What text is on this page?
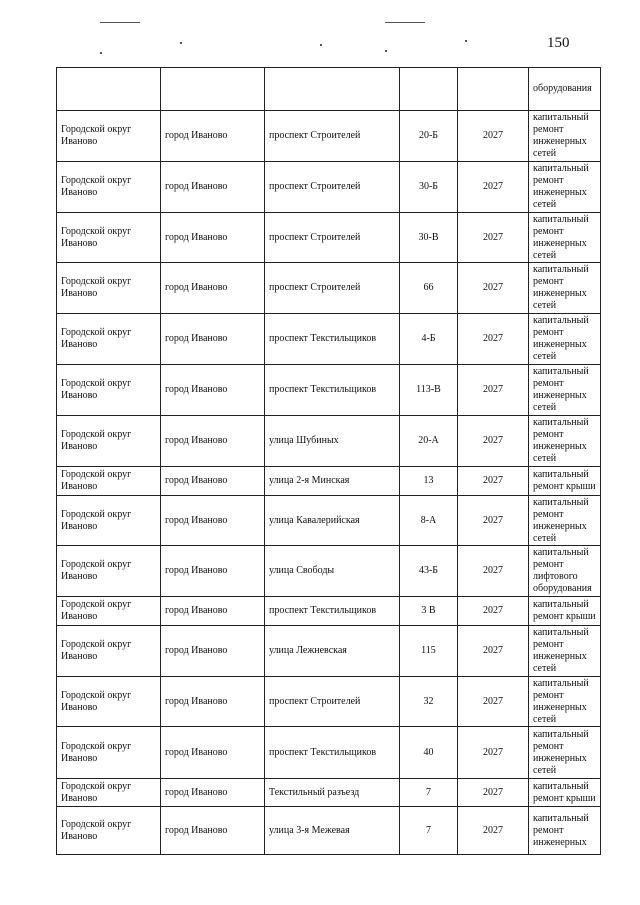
150
					оборудования
Городской округ Иваново	город Иваново	проспект Строителей	20-Б	2027	капитальный ремонт инженерных сетей
Городской округ Иваново	город Иваново	проспект Строителей	30-Б	2027	капитальный ремонт инженерных сетей
Городской округ Иваново	город Иваново	проспект Строителей	30-В	2027	капитальный ремонт инженерных сетей
Городской округ Иваново	город Иваново	проспект Строителей	66	2027	капитальный ремонт инженерных сетей
Городской округ Иваново	город Иваново	проспект Текстильщиков	4-Б	2027	капитальный ремонт инженерных сетей
Городской округ Иваново	город Иваново	проспект Текстильщиков	113-В	2027	капитальный ремонт инженерных сетей
Городской округ Иваново	город Иваново	улица Шубиных	20-А	2027	капитальный ремонт инженерных сетей
Городской округ Иваново	город Иваново	улица 2-я Минская	13	2027	капитальный ремонт крыши
Городской округ Иваново	город Иваново	улица Кавалерийская	8-А	2027	капитальный ремонт инженерных сетей
Городской округ Иваново	город Иваново	улица Свободы	43-Б	2027	капитальный ремонт лифтового оборудования
Городской округ Иваново	город Иваново	проспект Текстильщиков	3 В	2027	капитальный ремонт крыши
Городской округ Иваново	город Иваново	улица Лежневская	115	2027	капитальный ремонт инженерных сетей
Городской округ Иваново	город Иваново	проспект Строителей	32	2027	капитальный ремонт инженерных сетей
Городской округ Иваново	город Иваново	проспект Текстильщиков	40	2027	капитальный ремонт инженерных сетей
Городской округ Иваново	город Иваново	Текстильный разъезд	7	2027	капитальный ремонт крыши
Городской округ Иваново	город Иваново	улица 3-я Межевая	7	2027	капитальный ремонт инженерных
